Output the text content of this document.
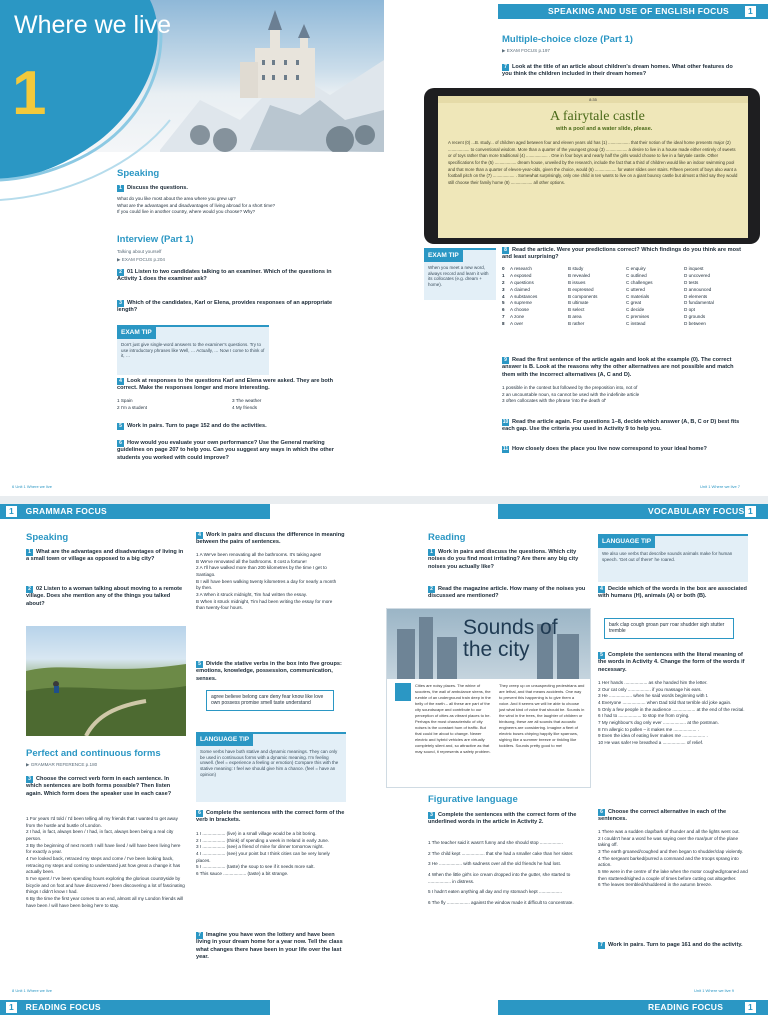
Where we live
1
Speaking
1 Discuss the questions.
What do you like most about the area where you grew up?
What are the advantages and disadvantages of living abroad for a short time?
If you could live in another country, where would you choose? Why?
Interview (Part 1)
Talking about yourself
▶ EXAM FOCUS p.204
2 01 Listen to two candidates talking to an examiner. Which of the questions in Activity 1 does the examiner ask?
3 Which of the candidates, Karl or Elena, provides responses of an appropriate length?
EXAM TIP
Don't just give single-word answers to the examiner's questions. Try to use introductory phrases like Well, … Actually, … Now I come to think of it, …
4 Look at responses to the questions Karl and Elena were asked. They are both correct. Make the responses longer and more interesting.
1 Spain
2 I'm a student
3 The weather
4 My friends
5 Work in pairs. Turn to page 152 and do the activities.
6 How would you evaluate your own performance? Use the General marking guidelines on page 207 to help you. Can you suggest any ways in which the other students you worked with could improve?
6 Unit 1 Where we live
SPEAKING AND USE OF ENGLISH FOCUS	1
Multiple-choice cloze (Part 1)
▶ EXAM FOCUS p.197
7 Look at the title of an article about children's dream homes. What other features do you think the children included in their dream homes?
8:35
A fairytale castle
with a pool and a water slide, please.
A recent (0) ...B. study... of children aged between four and eleven years old has (1) .................. that their notion of the ideal home presents major (2) .................. to conventional wisdom. More than a quarter of the youngest group (3) .................. a desire to live in a house made either entirely of sweets or of toys rather than more traditional (4) .................. . One in four boys and nearly half the girls would choose to live in a fairytale castle. Other specifications for the (5) .................. dream house, unveiled by the research, include the fact that a third of children would like an indoor swimming pool and that more than a quarter of eleven-year-olds, given the choice, would (6) .................. for water slides over stairs. Fifteen percent of boys also want a football pitch on the (7) .................. . Somewhat surprisingly, only one child in ten wants to live on a giant bouncy castle but almost a third say they would still choose their family home (8) .................. all other options.
EXAM TIP
When you meet a new word, always record and learn it with its collocates (e.g. dream + home).
8 Read the article. Were your predictions correct? Which findings do you think are most and least surprising?
0	A research	B study	C enquiry	D inquest
1	A exposed	B revealed	C outlined	D uncovered
2	A questions	B issues	C challenges	D tests
3	A claimed	B expressed	C uttered	D announced
4	A substances	B components	C materials	D elements
5	A supreme	B ultimate	C great	D fundamental
6	A choose	B select	C decide	D opt
7	A zone	B area	C premises	D grounds
8	A over	B rather	C instead	D between
9 Read the first sentence of the article again and look at the example (0). The correct answer is B. Look at the reasons why the other alternatives are not possible and match them with the incorrect alternatives (A, C and D).
1 possible in the context but followed by the preposition into, not of
2 an uncountable noun, so cannot be used with the indefinite article
3 often collocates with the phrase 'into the death of'
10 Read the article again. For questions 1–8, decide which answer (A, B, C or D) best fits each gap. Use the criteria you used in Activity 9 to help you.
11 How closely does the place you live now correspond to your ideal home?
Unit 1 Where we live 7
1 GRAMMAR FOCUS
Speaking
1 What are the advantages and disadvantages of living in a small town or village as opposed to a big city?
2 02 Listen to a woman talking about moving to a remote village. Does she mention any of the things you talked about?
Perfect and continuous forms
▶ GRAMMAR REFERENCE p.180
3 Choose the correct verb form in each sentence. In which sentences are both forms possible? Then listen again. Which form does the speaker use in each case?
1 For years I'd told / I'd been telling all my friends that I wanted to get away from the hustle and bustle of London.
2 I had, in fact, always been / I had, in fact, always been being a real city person.
3 By the beginning of next month I will have lived / will have been living here for exactly a year.
4 I've looked back, retraced my steps and come / I've been looking back, retracing my steps and coming to understand just how great a change it has actually been.
5 I've spent / I've been spending hours exploring the glorious countryside by bicycle and on foot and have discovered / been discovering a lot of fascinating things I didn't know I had.
6 By the time the first year comes to an end, almost all my London friends will have been / will have been being here to stay.
4 Work in pairs and discuss the difference in meaning between the pairs of sentences.
1 A We've been renovating all the bathrooms. It's taking ages!
B We've renovated all the bathrooms. It cost a fortune!
2 A I'll have walked more than 200 kilometres by the time I get to Santiago.
B I will have been walking twenty kilometres a day for nearly a month by then.
3 A When it struck midnight, Tim had written the essay.
B When it struck midnight, Tim had been writing the essay for more than twenty-four hours.
5 Divide the stative verbs in the box into five groups: emotions, knowledge, possession, communication, senses.
agree believe belong care deny fear know like love own possess promise smell taste understand
LANGUAGE TIP
Some verbs have both stative and dynamic meanings. They can only be used in continuous forms with a dynamic meaning. I'm feeling unwell. (feel = experience a feeling or emotion) Compare this with the stative meaning: I feel we should give him a chance. (feel = have an opinion)
6 Complete the sentences with the correct form of the verb in brackets.
1 I .................. (live) in a small village would be a bit boring.
2 I .................. (think) of spending a week in Ireland in early June.
3 I .................. (see) a friend of mine for dinner tomorrow night.
4 I .................. (see) your point but I think cities can be very lonely places.
5 I .................. (taste) the soup to see if it needs more salt.
6 This sauce .................. (taste) a bit strange.
7 Imagine you have won the lottery and have been living in your dream home for a year now. Tell the class what changes there have been in your life over the last year.
8 Unit 1 Where we live
1 READING FOCUS
VOCABULARY FOCUS 1
Reading
1 Work in pairs and discuss the questions. Which city noises do you find most irritating? Are there any big city noises you actually like?
2 Read the magazine article. How many of the noises you discussed are mentioned?
Sounds of the city
Cities are noisy places. The whine of scooters, the wail of ambulance sirens, the rumble of an underground train deep in the belly of the earth – all these are part of the city soundscape and contribute to our perception of cities as vibrant places to be. Perhaps the most characteristic of city noises is the constant hum of traffic. But that could be about to change. Newer electric and hybrid vehicles are virtually completely silent and, so attractive as that may sound, it represents a safety problem.
They creep up on unsuspecting pedestrians and are lethal, and that means accidents. One way to prevent this happening is to give them a voice. And it seems we will be able to choose just what kind of voice that should be. Sounds in the wind in the trees, the laughter of children or birdsong, these are all sounds that acoustic engineers are considering. Imagine a fleet of electric buses chirping happily like sparrows, sighing like a summer breeze or tinkling like toddlers. Sounds pretty good to me!
Figurative language
3 Complete the sentences with the correct form of the underlined words in the article in Activity 2.
1 The teacher said it wasn't funny and she should stop ..................
2 The child kept .................. that she had a smaller cake than her sister.
3 He .................. with sadness over all the old friends he had lost.
4 When the little girl's ice cream dropped into the gutter, she started to .................. in distress.
5 I hadn't eaten anything all day and my stomach kept ..................
6 The fly .................. against the window made it difficult to concentrate.
LANGUAGE TIP
We also use verbs that describe sounds animals make for human speech. 'Get out of there!' he roared.
4 Decide which of the words in the box are associated with humans (H), animals (A) or both (B).
bark clap cough groan purr roar shudder sigh stutter tremble
5 Complete the sentences with the literal meaning of the words in Activity 4. Change the form of the words if necessary.
1 Her hands .................. as she handed him the letter.
2 Our cat only .................. if you massage his ears.
3 He .................. when he said words beginning with t.
4 Everyone .................. when Dad told that terrible old joke again.
5 Only a few people in the audience .................. at the end of the recital.
6 I had to .................. to stop me from crying.
7 My neighbour's dog only ever .................. at the postman.
8 I'm allergic to pollen – it makes me .................. .
9 Even the idea of eating liver makes me .................. .
10 He was safe! He breathed a .................. of relief.
6 Choose the correct alternative in each of the sentences.
1 There was a sudden clap/bark of thunder and all the lights went out.
2 I couldn't hear a word he was saying over the roar/purr of the plane taking off.
3 The earth groaned/coughed and then began to shudder/clap violently.
4 The sergeant barked/purred a command and the troops sprang into action.
5 We were in the centre of the lake when the motor coughed/groaned and then stuttered/sighed a couple of times before cutting out altogether.
6 The leaves trembled/shuddered in the autumn breeze.
7 Work in pairs. Turn to page 161 and do the activity.
Unit 1 Where we live 9
READING FOCUS	1
